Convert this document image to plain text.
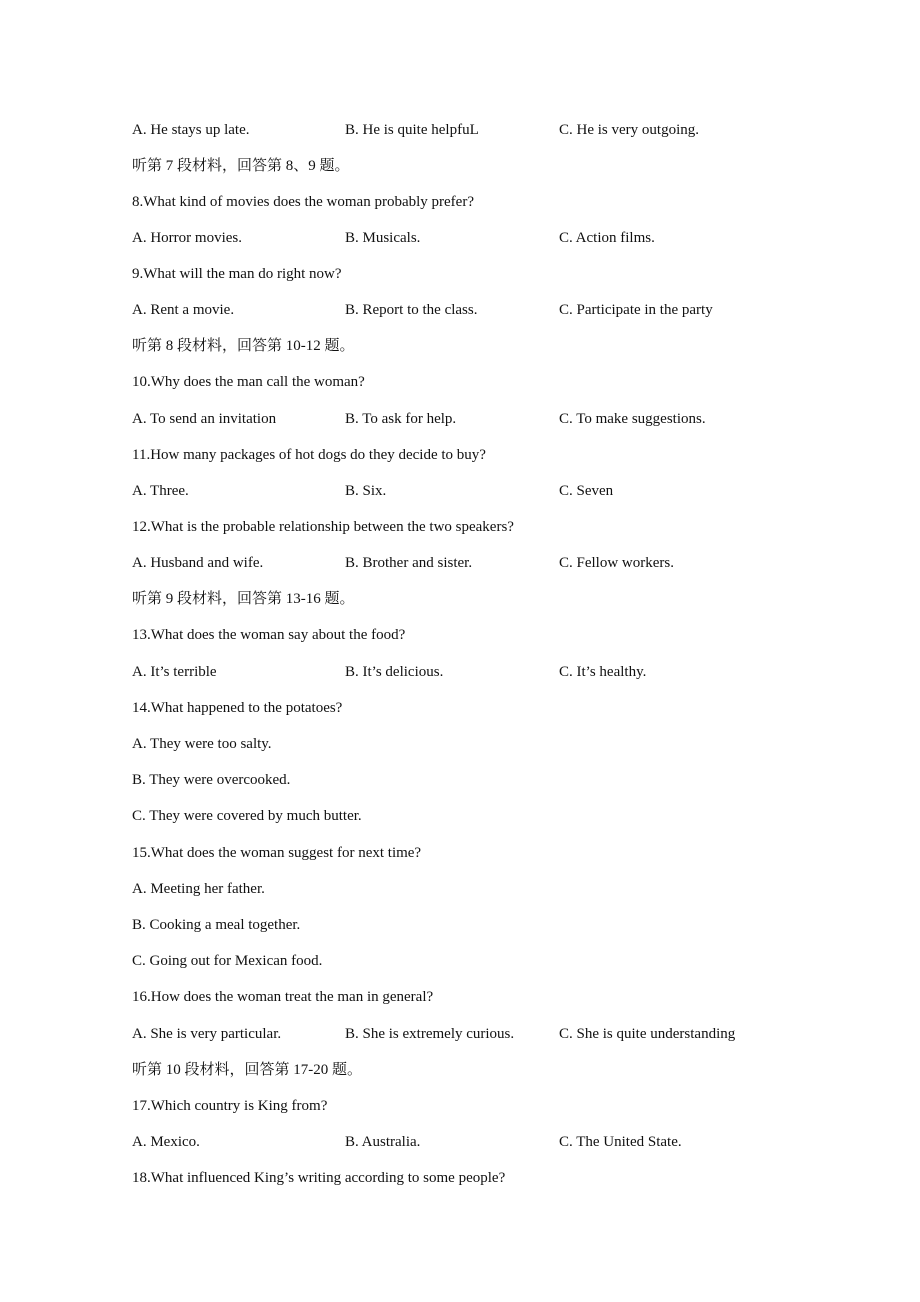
A. He stays up late.	B. He is quite helpfuL	C. He is very outgoing.
听第 7 段材料，回答第 8、9 题。
8.What kind of movies does the woman probably prefer?
A. Horror movies.	B. Musicals.	C. Action films.
9.What will the man do right now?
A. Rent a movie.	B. Report to the class.	C. Participate in the party
听第 8 段材料，回答第 10-12 题。
10.Why does the man call the woman?
A. To send an invitation	B. To ask for help.	C. To make suggestions.
11.How many packages of hot dogs do they decide to buy?
A. Three.	B. Six.	C. Seven
12.What is the probable relationship between the two speakers?
A. Husband and wife.	B. Brother and sister.	C. Fellow workers.
听第 9 段材料，回答第 13-16 题。
13.What does the woman say about the food?
A. It’s terrible	B. It’s delicious.	C. It’s healthy.
14.What happened to the potatoes?
A. They were too salty.
B. They were overcooked.
C. They were covered by much butter.
15.What does the woman suggest for next time?
A. Meeting her father.
B. Cooking a meal together.
C. Going out for Mexican food.
16.How does the woman treat the man in general?
A. She is very particular.	B. She is extremely curious.	C. She is quite understanding
听第 10 段材料，回答第 17-20 题。
17.Which country is King from?
A. Mexico.	B. Australia.	C. The United State.
18.What influenced King’s writing according to some people?
